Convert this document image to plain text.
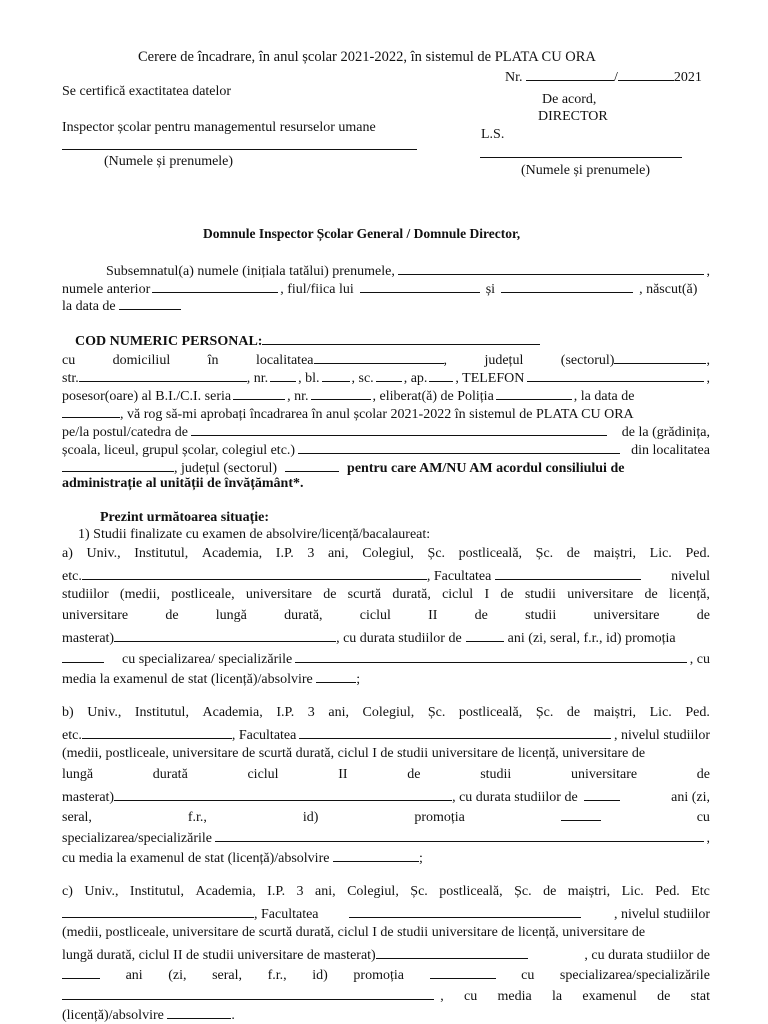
Cerere de încadrare, în anul școlar 2021-2022, în sistemul de PLATA CU ORA
Nr.	/	2021
Se certifică exactitatea datelor
De acord,
DIRECTOR
Inspector școlar pentru managementul resurselor umane	L.S.
(Numele și prenumele)
(Numele și prenumele)
Domnule Inspector Școlar General / Domnule Director,
Subsemnatul(a) numele (inițiala tatălui) prenumele,	,
numele anterior	, fiul/fiica lui	și	, născut(ă)
la data de
COD NUMERIC PERSONAL:
cu	domiciliul	în	localitatea	,	județul	(sectorul)	,
str.	, nr. , bl. , sc. , ap. , TELEFON	,
posesor(oare) al B.I./C.I. seria	, nr.	, eliberat(ă) de Poliția	, la data de
, vă rog să-mi aprobați încadrarea în anul școlar 2021-2022 în sistemul de PLATA CU ORA
pe/la postul/catedra de	de la (grădinița,
școala, liceul, grupul școlar, colegiul etc.)	din localitatea
, județul (sectorul)	pentru care AM/NU AM acordul consiliului de
administrație al unității de învățământ*.
Prezint următoarea situație:
1) Studii finalizate cu examen de absolvire/licență/bacalaureat:
a) Univ., Institutul, Academia, I.P. 3 ani, Colegiul, Șc. postliceală, Șc. de maiștri, Lic. Ped.
etc.	, Facultatea	nivelul
studiilor (medii, postliceale, universitare de scurtă durată, ciclul I de studii universitare de licență,
universitare	de	lungă	durată,	ciclul	II	de	studii	universitare	de
masterat)	, cu durata studiilor de	ani (zi, seral, f.r., id) promoția
cu specializarea/ specializările	, cu
media la examenul de stat (licență)/absolvire	;
b) Univ., Institutul, Academia, I.P. 3 ani, Colegiul, Șc. postliceală, Șc. de maiștri, Lic. Ped.
etc.	, Facultatea	, nivelul studiilor
(medii, postliceale, universitare de scurtă durată, ciclul I de studii universitare de licență, universitare de
lungă	durată	ciclul	II	de	studii	universitare	de
masterat)	, cu durata studiilor de	ani (zi,
seral,	f.r.,	id)	promoția	cu
specializarea/specializările	,
cu media la examenul de stat (licență)/absolvire	;
c) Univ., Institutul, Academia, I.P. 3 ani, Colegiul, Șc. postliceală, Șc. de maiștri, Lic. Ped. Etc
, Facultatea	, nivelul studiilor
(medii, postliceale, universitare de scurtă durată, ciclul I de studii universitare de licență, universitare de
lungă durată, ciclul II de studii universitare de masterat)	, cu durata studiilor de
ani (zi, seral, f.r., id) promoția	cu specializarea/specializările
, cu media la examenul de stat
(licență)/absolvire	.
